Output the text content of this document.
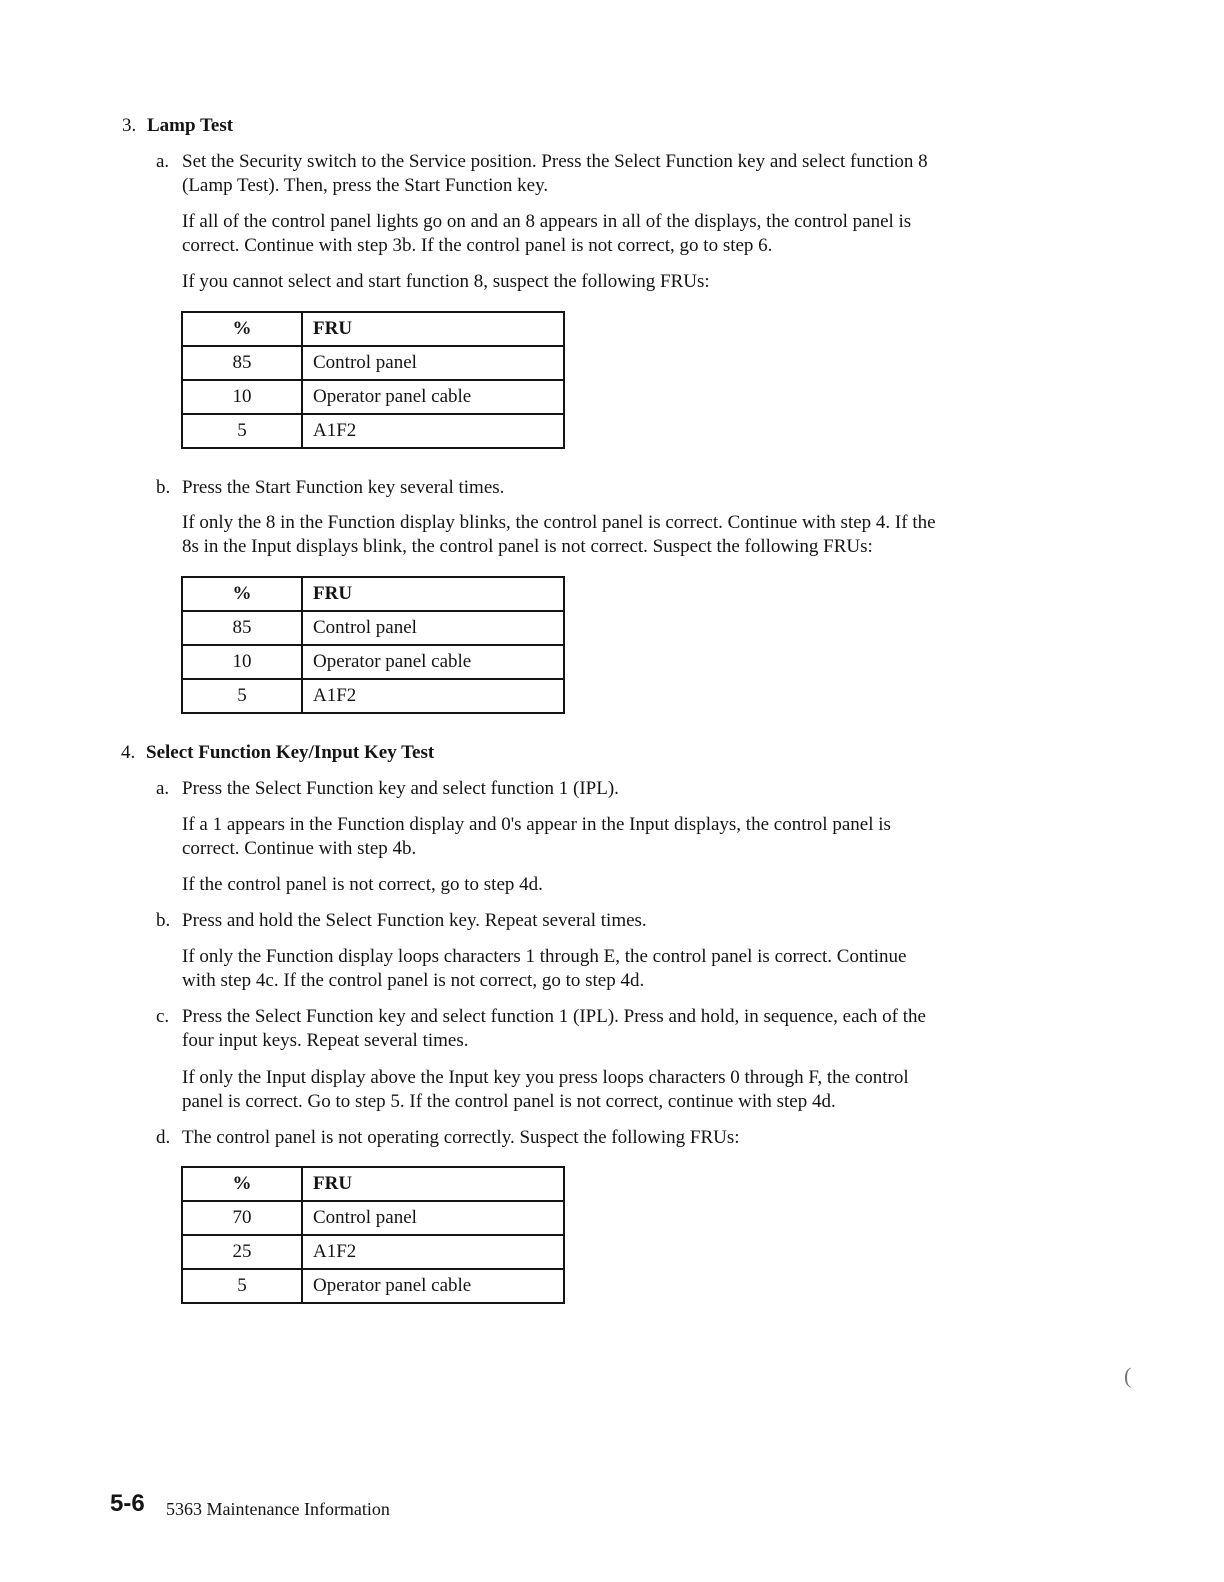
3. Lamp Test
a. Set the Security switch to the Service position. Press the Select Function key and select function 8
(Lamp Test). Then, press the Start Function key.

If all of the control panel lights go on and an 8 appears in all of the displays, the control panel is
correct. Continue with step 3b. If the control panel is not correct, go to step 6.

If you cannot select and start function 8, suspect the following FRUs:

%	FRU
85	Control panel
10	Operator panel cable
5	A1F2
b. Press the Start Function key several times.

If only the 8 in the Function display blinks, the control panel is correct. Continue with step 4. If the
8s in the Input displays blink, the control panel is not correct. Suspect the following FRUs:

%	FRU
85	Control panel
10	Operator panel cable
5	A1F2
4. Select Function Key/Input Key Test
a. Press the Select Function key and select function 1 (IPL).

If a 1 appears in the Function display and 0's appear in the Input displays, the control panel is
correct. Continue with step 4b.

If the control panel is not correct, go to step 4d.

b. Press and hold the Select Function key. Repeat several times.

If only the Function display loops characters 1 through E, the control panel is correct. Continue
with step 4c. If the control panel is not correct, go to step 4d.

c. Press the Select Function key and select function 1 (IPL). Press and hold, in sequence, each of the
four input keys. Repeat several times.

If only the Input display above the Input key you press loops characters 0 through F, the control
panel is correct. Go to step 5. If the control panel is not correct, continue with step 4d.

d. The control panel is not operating correctly. Suspect the following FRUs:

%	FRU
70	Control panel
25	A1F2
5	Operator panel cable
(
5-6 5363 Maintenance Information
